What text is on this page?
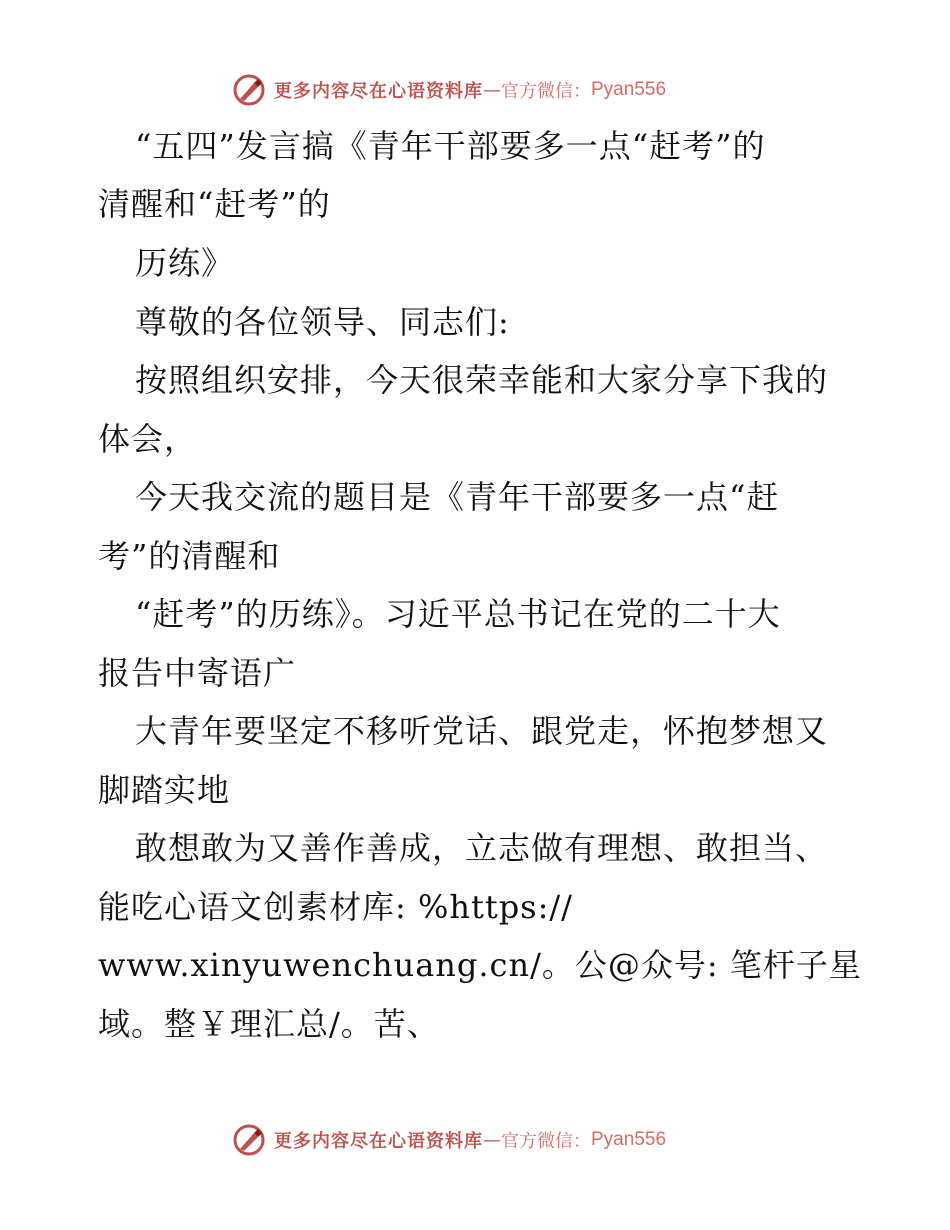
更多内容尽在心语资料库 — 官方微信： Pyan556
“五四”发言搞《青年干部要多一点“赶考”的
清醒和“赶考”的
历练》
尊敬的各位领导、同志们:
按照组织安排，今天很荣幸能和大家分享下我的
体会，
今天我交流的题目是《青年干部要多一点“赶
考”的清醒和
“赶考”的历练》。习近平总书记在党的二十大
报告中寄语广
大青年要坚定不移听党话、跟党走，怀抱梦想又
脚踏实地
敢想敢为又善作善成，立志做有理想、敢担当、
能吃心语文创素材库: %https://
www.xinyuwenchuang.cn/。公@众号: 笔杆子星
域。整￥理汇总/。苦、
更多内容尽在心语资料库 — 官方微信： Pyan556
